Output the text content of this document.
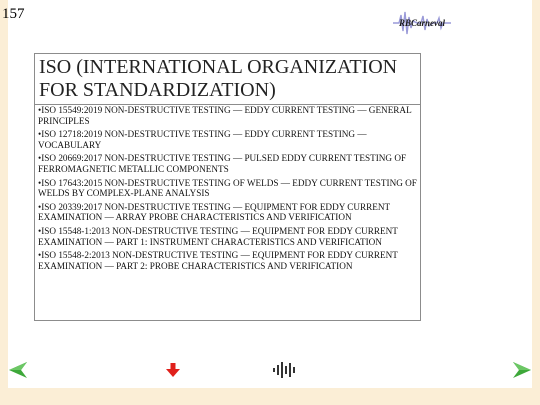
157
RBCarneval
ISO (INTERNATIONAL ORGANIZATION FOR STANDARDIZATION)
•ISO 15549:2019 NON-DESTRUCTIVE TESTING — EDDY CURRENT TESTING — GENERAL PRINCIPLES
•ISO 12718:2019 NON-DESTRUCTIVE TESTING — EDDY CURRENT TESTING — VOCABULARY
•ISO 20669:2017 NON-DESTRUCTIVE TESTING — PULSED EDDY CURRENT TESTING OF FERROMAGNETIC METALLIC COMPONENTS
•ISO 17643:2015 NON-DESTRUCTIVE TESTING OF WELDS — EDDY CURRENT TESTING OF WELDS BY COMPLEX-PLANE ANALYSIS
•ISO 20339:2017 NON-DESTRUCTIVE TESTING — EQUIPMENT FOR EDDY CURRENT EXAMINATION — ARRAY PROBE CHARACTERISTICS AND VERIFICATION
•ISO 15548-1:2013 NON-DESTRUCTIVE TESTING — EQUIPMENT FOR EDDY CURRENT EXAMINATION — PART 1: INSTRUMENT CHARACTERISTICS AND VERIFICATION
•ISO 15548-2:2013 NON-DESTRUCTIVE TESTING — EQUIPMENT FOR EDDY CURRENT EXAMINATION — PART 2: PROBE CHARACTERISTICS AND VERIFICATION
